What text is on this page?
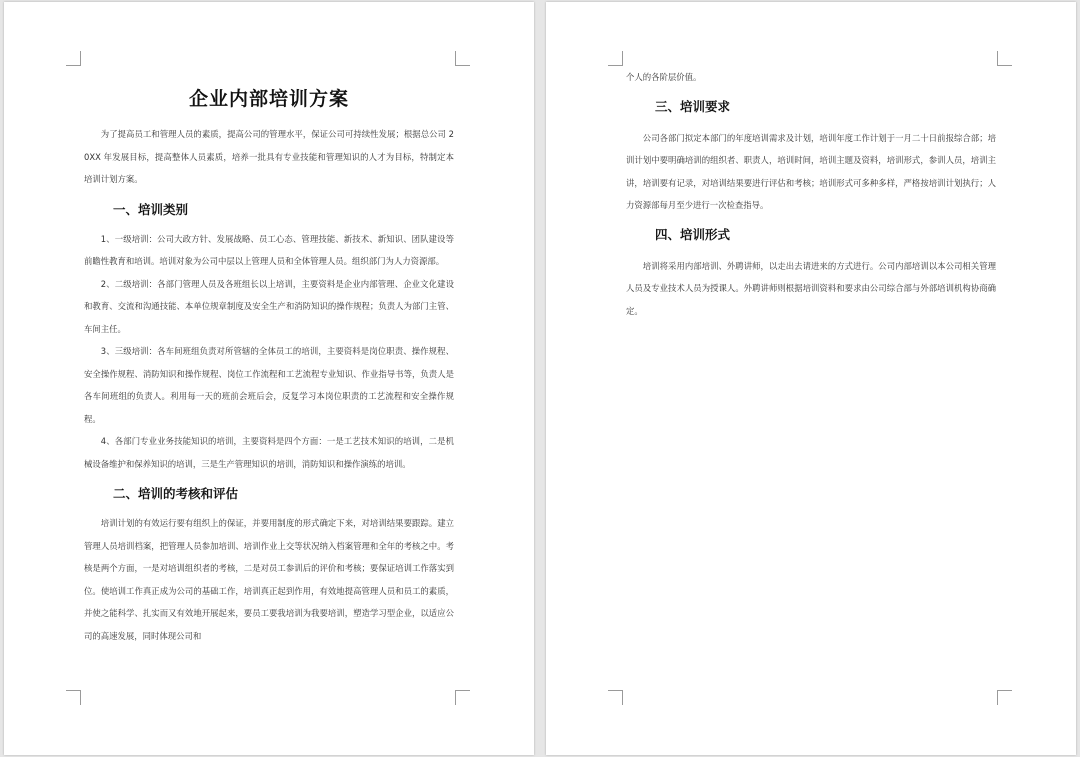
企业内部培训方案

为了提高员工和管理人员的素质，提高公司的管理水平，保证公司可持续性发展；根据总公司 20XX 年发展目标，提高整体人员素质，培养一批具有专业技能和管理知识的人才为目标，特制定本培训计划方案。

一、培训类别

1、一级培训：公司大政方针、发展战略、员工心态、管理技能、新技术、新知识、团队建设等前瞻性教育和培训。培训对象为公司中层以上管理人员和全体管理人员。组织部门为人力资源部。

2、二级培训：各部门管理人员及各班组长以上培训，主要资料是企业内部管理、企业文化建设和教育、交流和沟通技能、本单位规章制度及安全生产和消防知识的操作规程；负责人为部门主管、车间主任。

3、三级培训：各车间班组负责对所管辖的全体员工的培训，主要资料是岗位职责、操作规程、安全操作规程、消防知识和操作规程、岗位工作流程和工艺流程专业知识、作业指导书等，负责人是各车间班组的负责人。利用每一天的班前会班后会，反复学习本岗位职责的工艺流程和安全操作规程。

4、各部门专业业务技能知识的培训，主要资料是四个方面：一是工艺技术知识的培训，二是机械设备维护和保养知识的培训，三是生产管理知识的培训，消防知识和操作演练的培训。

二、培训的考核和评估

培训计划的有效运行要有组织上的保证，并要用制度的形式确定下来，对培训结果要跟踪。建立管理人员培训档案，把管理人员参加培训、培训作业上交等状况纳入档案管理和全年的考核之中。考核是两个方面，一是对培训组织者的考核，二是对员工参训后的评价和考核；要保证培训工作落实到位。使培训工作真正成为公司的基础工作，培训真正起到作用，有效地提高管理人员和员工的素质，并使之能科学、扎实而又有效地开展起来，要员工要我培训为我要培训，塑造学习型企业，以适应公司的高速发展，同时体现公司和

个人的各阶层价值。

三、培训要求

公司各部门拟定本部门的年度培训需求及计划，培训年度工作计划于一月二十日前报综合部；培训计划中要明确培训的组织者、职责人，培训时间，培训主题及资料，培训形式，参训人员，培训主讲，培训要有记录，对培训结果要进行评估和考核；培训形式可多种多样，严格按培训计划执行；人力资源部每月至少进行一次检查指导。

四、培训形式

培训将采用内部培训、外聘讲师，以走出去请进来的方式进行。公司内部培训以本公司相关管理人员及专业技术人员为授课人。外聘讲师则根据培训资料和要求由公司综合部与外部培训机构协商确定。
